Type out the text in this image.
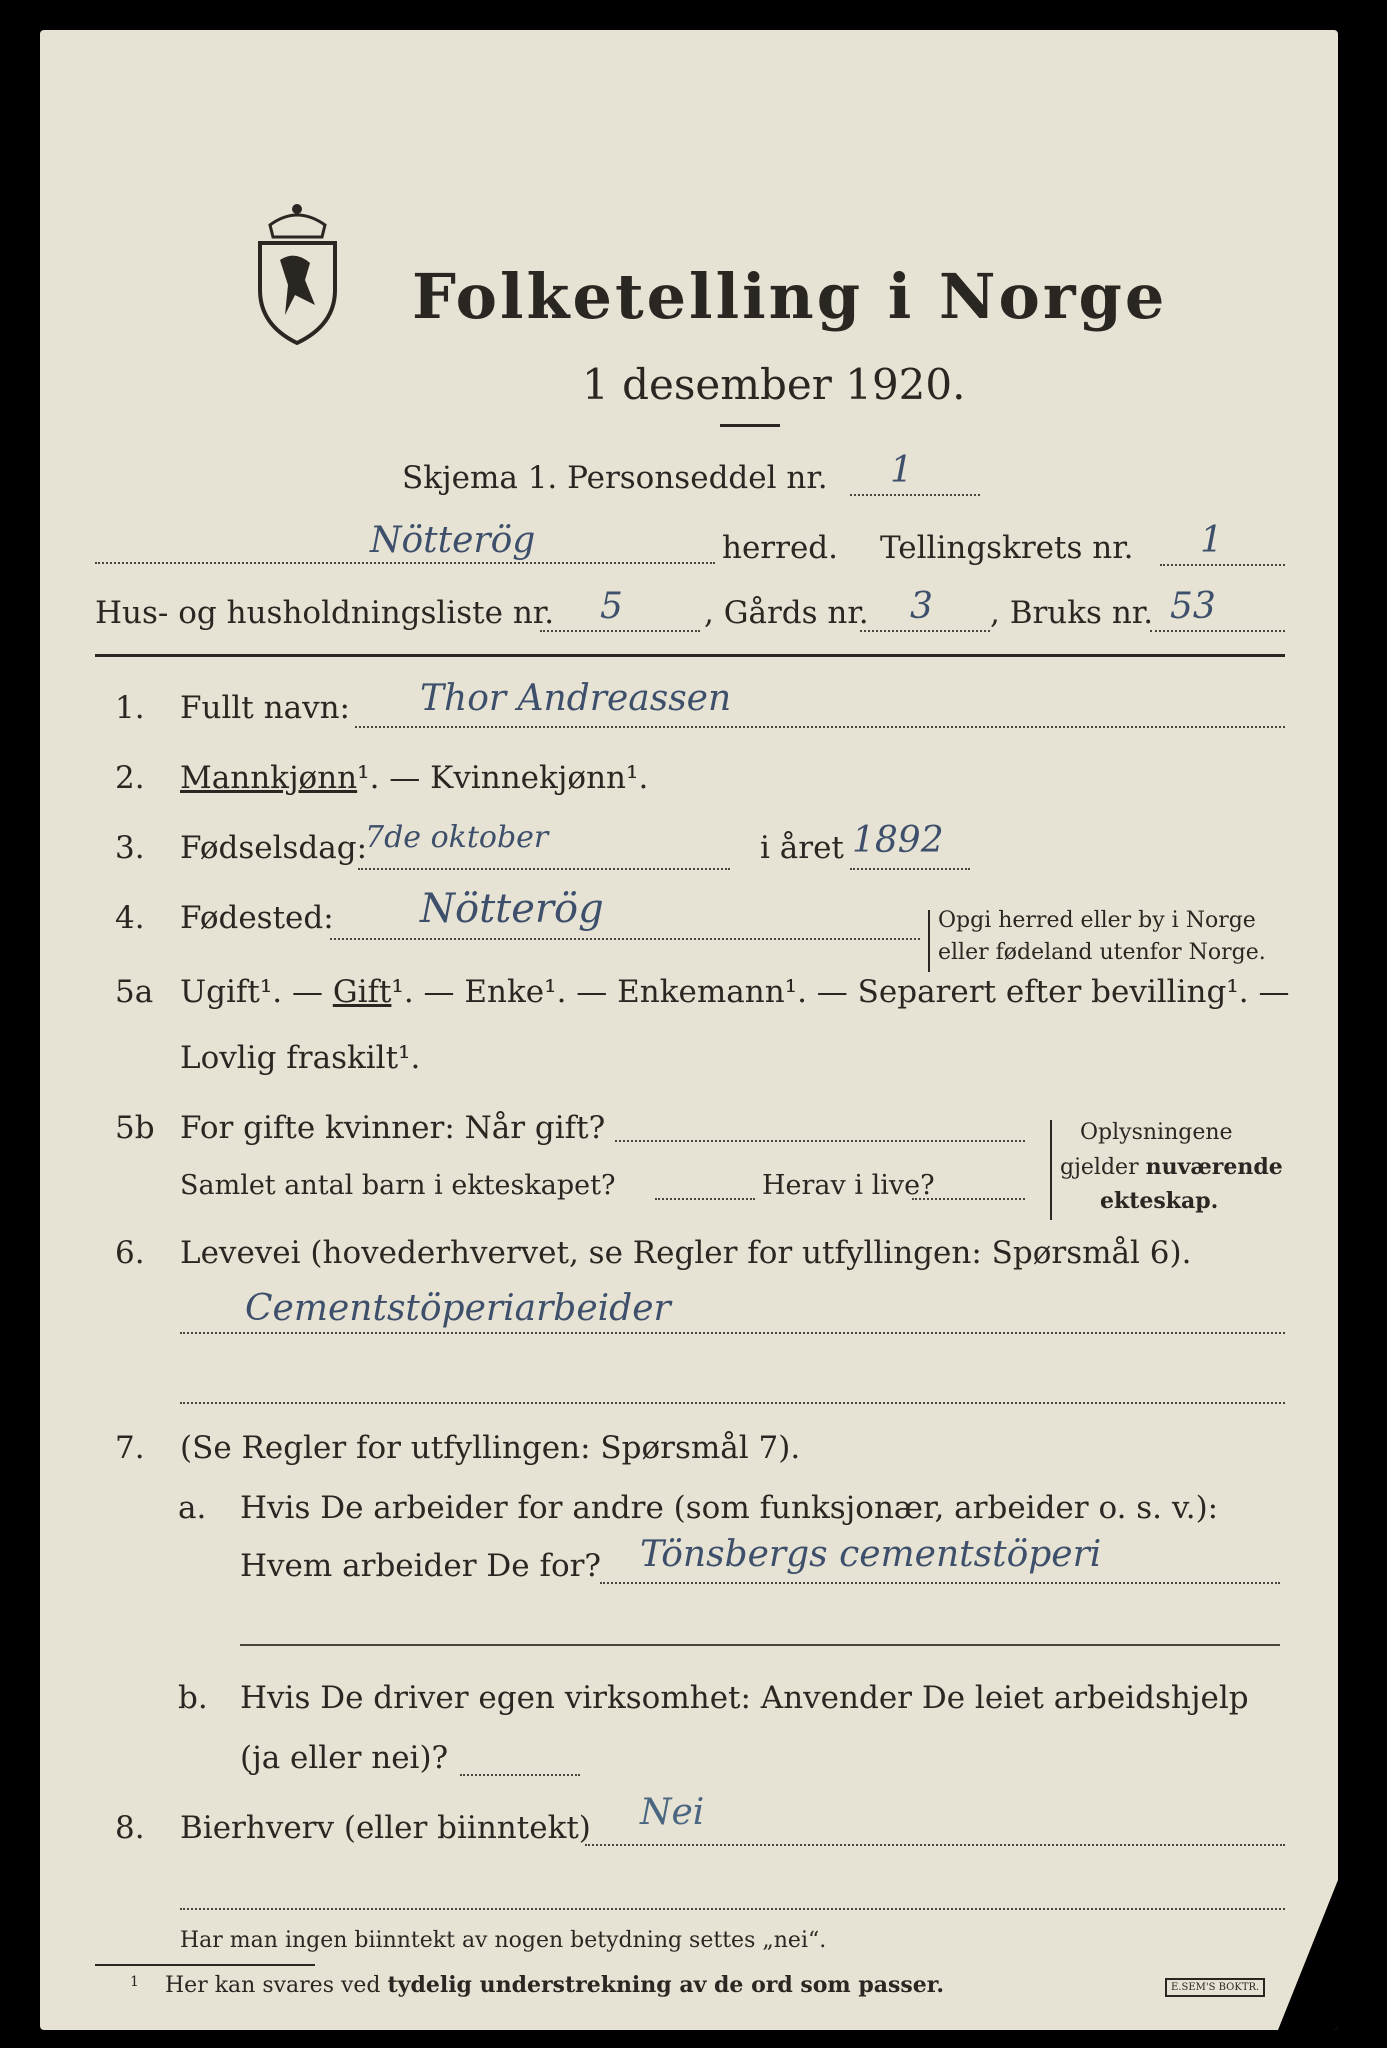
Folketelling i Norge
1 desember 1920.
Skjema 1. Personseddel nr. 1
Nötterög	herred. Tellingskrets nr. 1
Hus- og husholdningsliste nr. 5	, Gårds nr. 3 , Bruks nr. 53
1. Fullt navn: Thor Andreassen
2. Mannkjønn¹. — Kvinnekjønn¹.
3. Fødselsdag:
7de oktober	i året 1892
4. Fødested: Nötterög	Opgi herred eller by i Norge
eller fødeland utenfor Norge.
5a Ugift¹. — Gift¹. — Enke¹. — Enkemann¹. — Separert efter bevilling¹. —
Lovlig fraskilt¹.
5b For gifte kvinner: Når gift?
Samlet antal barn i ekteskapet?	Herav i live?
Oplysningene
gjelder nuværende
ekteskap.
6. Levevei (hovederhvervet, se Regler for utfyllingen: Spørsmål 6).
Cementstöperiarbeider
7. (Se Regler for utfyllingen: Spørsmål 7).
a. Hvis De arbeider for andre (som funksjonær, arbeider o. s. v.):
Hvem arbeider De for? Tönsbergs cementstöperi
b. Hvis De driver egen virksomhet: Anvender De leiet arbeidshjelp
(ja eller nei)?
8. Bierhverv (eller biinntekt) Nei
Har man ingen biinntekt av nogen betydning settes „nei“.
1 Her kan svares ved tydelig understrekning av de ord som passer.	E.SEM'S BOKTR.
